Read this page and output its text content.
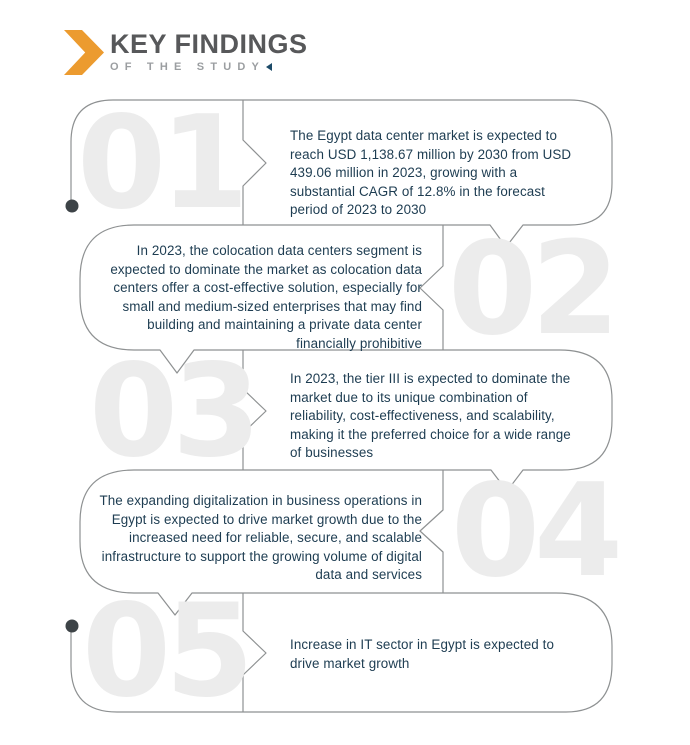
KEY FINDINGS
OF THE STUDY
01
02
03
04
05
The Egypt data center market is expected to reach USD 1,138.67 million by 2030 from USD 439.06 million in 2023, growing with a substantial CAGR of 12.8% in the forecast period of 2023 to 2030
In 2023, the colocation data centers segment is expected to dominate the market as colocation data centers offer a cost-effective solution, especially for small and medium-sized enterprises that may find building and maintaining a private data center financially prohibitive
In 2023, the tier III is expected to dominate the market due to its unique combination of reliability, cost-effectiveness, and scalability, making it the preferred choice for a wide range of businesses
The expanding digitalization in business operations in Egypt is expected to drive market growth due to the increased need for reliable, secure, and scalable infrastructure to support the growing volume of digital data and services
Increase in IT sector in Egypt is expected to drive market growth
